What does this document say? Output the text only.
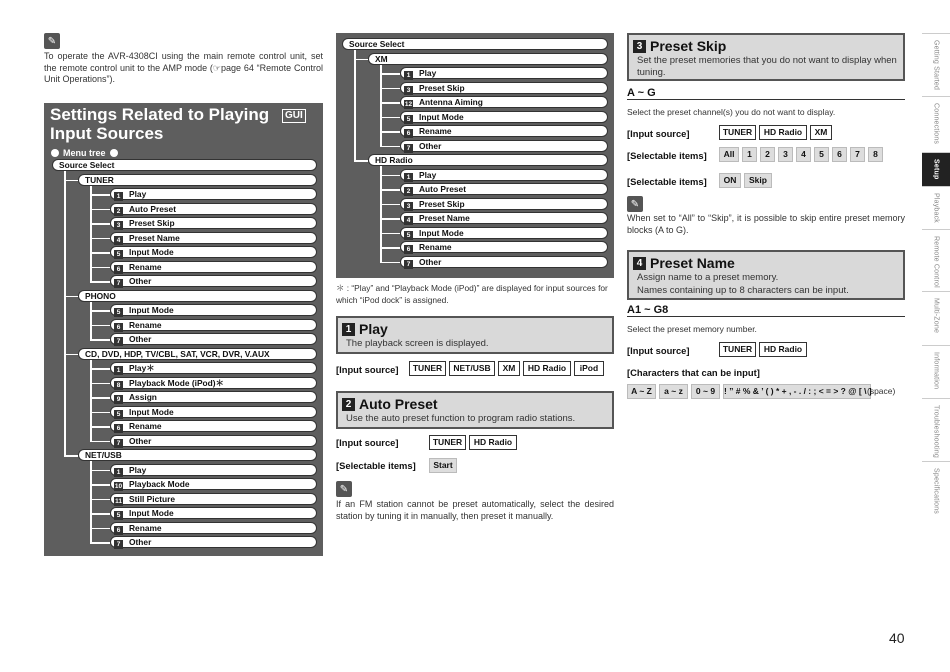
✎
To operate the AVR-4308CI using the main remote control unit, set the remote control unit to the AMP mode (☞page 64 “Remote Control Unit Operations”).
Settings Related to Playing
Input Sources
GUI
Menu tree
Source Select
TUNER
1 Play
2 Auto Preset
3 Preset Skip
4 Preset Name
5 Input Mode
6 Rename
7 Other
PHONO
5 Input Mode
6 Rename
7 Other
CD, DVD, HDP, TV/CBL, SAT, VCR, DVR, V.AUX
1 Play＊
8 Playback Mode (iPod)＊
9 Assign
5 Input Mode
6 Rename
7 Other
NET/USB
1 Play
10 Playback Mode
11 Still Picture
5 Input Mode
6 Rename
7 Other
Source Select
XM
1 Play
3 Preset Skip
12 Antenna Aiming
5 Input Mode
6 Rename
7 Other
HD Radio
1 Play
2 Auto Preset
3 Preset Skip
4 Preset Name
5 Input Mode
6 Rename
7 Other
＊ : “Play” and “Playback Mode (iPod)” are displayed for input sources for which “iPod dock” is assigned.
1 Play
The playback screen is displayed.
[Input source]	TUNER	NET/USB	XM	HD Radio	iPod
2 Auto Preset
Use the auto preset function to program radio stations.
[Input source]	TUNER	HD Radio
[Selectable items]	Start
✎
If an FM station cannot be preset automatically, select the desired station by tuning it in manually, then preset it manually.
3 Preset Skip
Set the preset memories that you do not want to display when tuning.
A ~ G
Select the preset channel(s) you do not want to display.
[Input source]	TUNER	HD Radio	XM
[Selectable items]	All	1	2	3	4	5	6	7	8
[Selectable items]	ON	Skip
✎
When set to “All” to “Skip”, it is possible to skip entire preset memory blocks (A to G).
4 Preset Name
Assign name to a preset memory.
Names containing up to 8 characters can be input.
A1 ~ G8
Select the preset memory number.
[Input source]	TUNER	HD Radio
[Characters that can be input]
A ~ Z	a ~ z	0 ~ 9	! ” # % & ’ ( ) * + , - . / : ; < = > ? @ [ \ ]
(space)
Getting Started
Connections
Setup
Playback
Remote Control
Multi-Zone
Information
Troubleshooting
Specifications
40
